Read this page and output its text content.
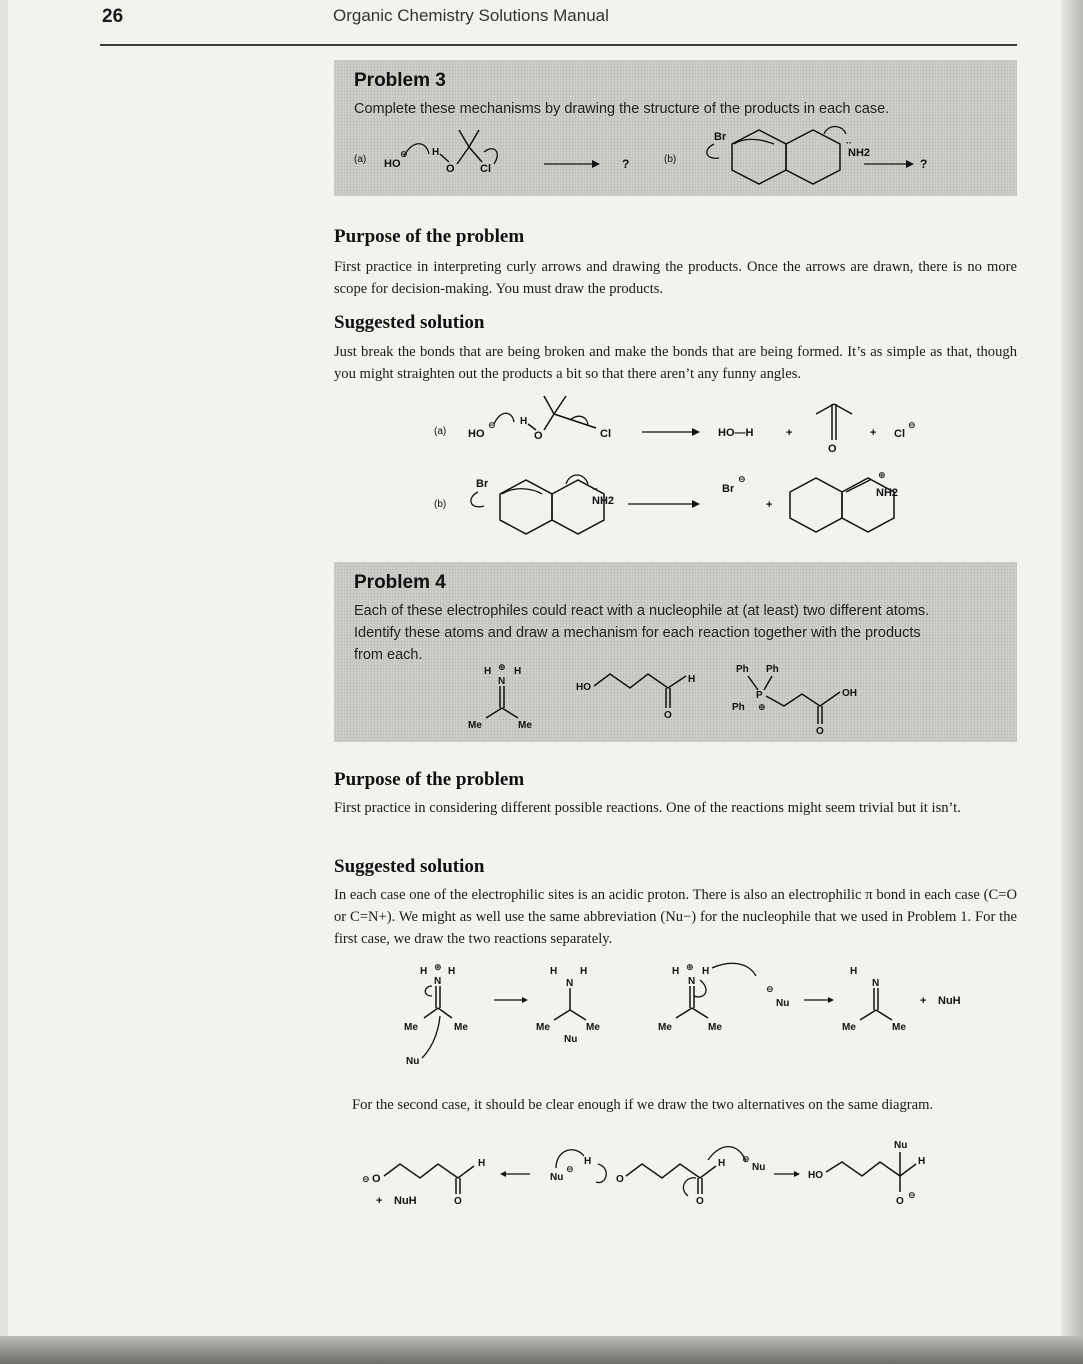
26	Organic Chemistry Solutions Manual
Problem 3
Complete these mechanisms by drawing the structure of the products in each case.
(a) HO
⊖ H
O Cl	?	(b)
Br	··
NH2
?
Purpose of the problem
First practice in interpreting curly arrows and drawing the products. Once the arrows are drawn, there is no more scope for decision-making. You must draw the products.
Suggested solution
Just break the bonds that are being broken and make the bonds that are being formed. It’s as simple as that, though you might straighten out the products a bit so that there aren’t any funny angles.
(a) HO
⊖ H
O	Cl	HO—H	+
O
+ Cl
⊖
(b)
Br	··
NH2
Br
⊖
+
⊕
NH2
Problem 4
Each of these electrophiles could react with a nucleophile at (at least) two different atoms.
Identify these atoms and draw a mechanism for each reaction together with the products
from each.
H ⊕ H
N
Me	Me
HO
H
O
Ph Ph
P
Ph ⊕
OH
O
Purpose of the problem
First practice in considering different possible reactions. One of the reactions might seem trivial but it isn’t.
Suggested solution
In each case one of the electrophilic sites is an acidic proton. There is also an electrophilic π bond in each case (C=O or C=N+). We might as well use the same abbreviation (Nu−) for the nucleophile that we used in Problem 1. For the first case, we draw the two reactions separately.
H ⊕ H
N
Me	Me
Nu
H H
N
Me	Me
Nu
H ⊕ H
N
Me	Me
⊖
Nu
H
N
Me	Me
+ NuH
For the second case, it should be clear enough if we draw the two alternatives on the same diagram.
⊖ O
H
O
+ NuH
Nu
⊖
H
O
H
O
⊖
Nu
HO
Nu
H
O
⊖
